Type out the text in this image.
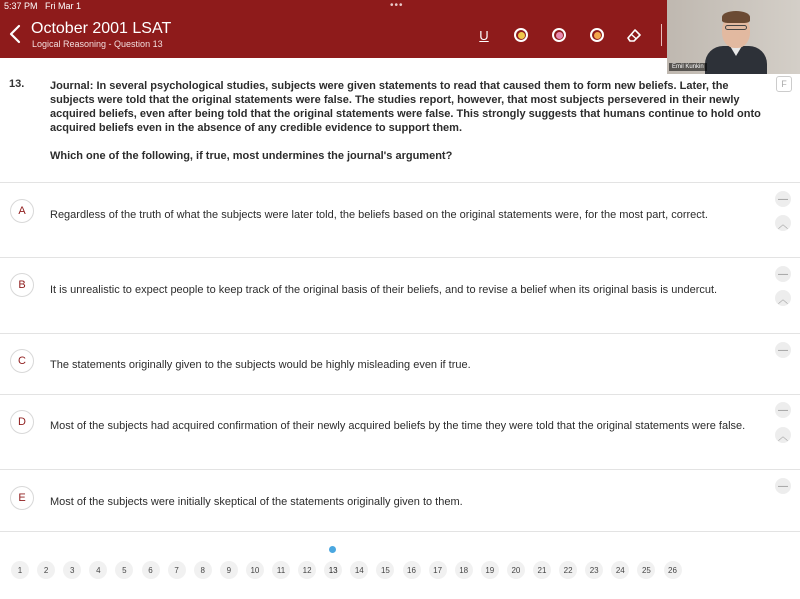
5:37 PM Fri Mar 1	•••
October 2001 LSAT
Logical Reasoning - Question 13
U
Emil Kunkin
13.	F
Journal: In several psychological studies, subjects were given statements to read that caused them to form new beliefs. Later, the subjects were told that the original statements were false. The studies report, however, that most subjects persevered in their newly acquired beliefs, even after being told that the original statements were false. This strongly suggests that humans continue to hold onto acquired beliefs even in the absence of any credible evidence to support them.
Which one of the following, if true, most undermines the journal's argument?
A	Regardless of the truth of what the subjects were later told, the beliefs based on the original statements were, for the most part, correct.
—
︿
B	It is unrealistic to expect people to keep track of the original basis of their beliefs, and to revise a belief when its original basis is undercut.
—
︿
C	The statements originally given to the subjects would be highly misleading even if true.
—
D	Most of the subjects had acquired confirmation of their newly acquired beliefs by the time they were told that the original statements were false.
—
︿
E	Most of the subjects were initially skeptical of the statements originally given to them.
—
1	2	3	4	5	6	7	8	9	10	11	12	13	14	15	16	17	18	19	20	21	22	23	24	25	26
